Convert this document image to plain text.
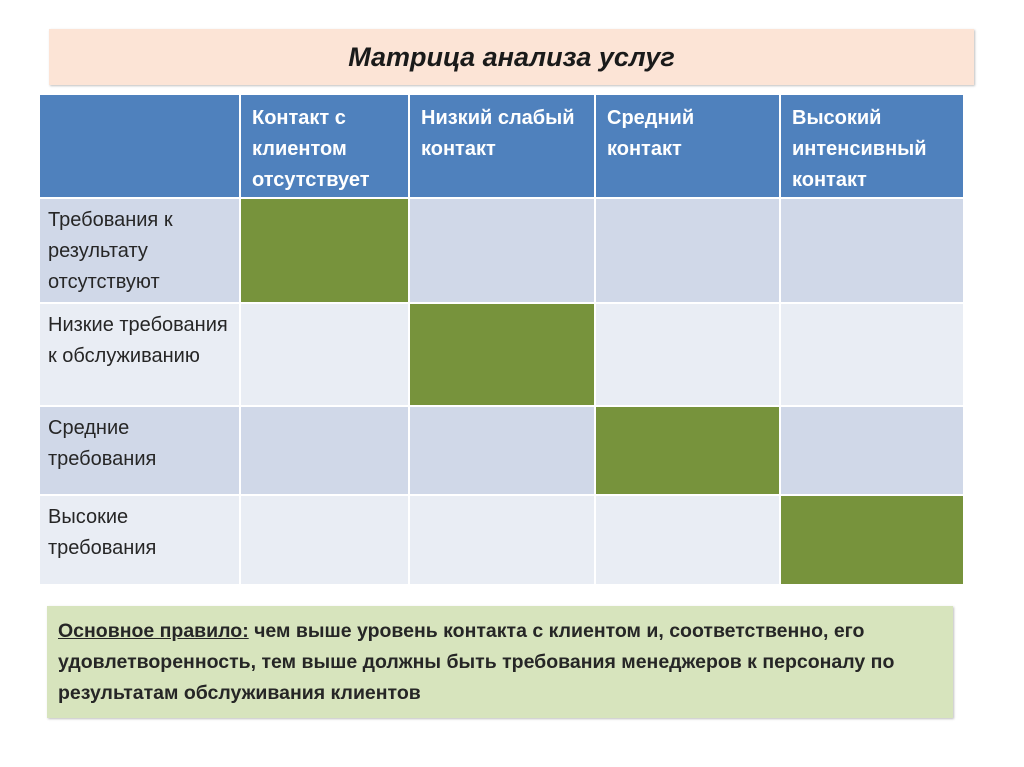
Матрица анализа услуг
	Контакт с клиентом отсутствует	Низкий слабый контакт	Средний контакт	Высокий интенсивный контакт
Требования к результату отсутствуют				
Низкие требования к обслуживанию				
Средние требования				
Высокие требования				
Основное правило: чем выше уровень контакта с клиентом и, соответственно, его удовлетворенность, тем выше должны быть требования менеджеров к персоналу по результатам обслуживания клиентов
